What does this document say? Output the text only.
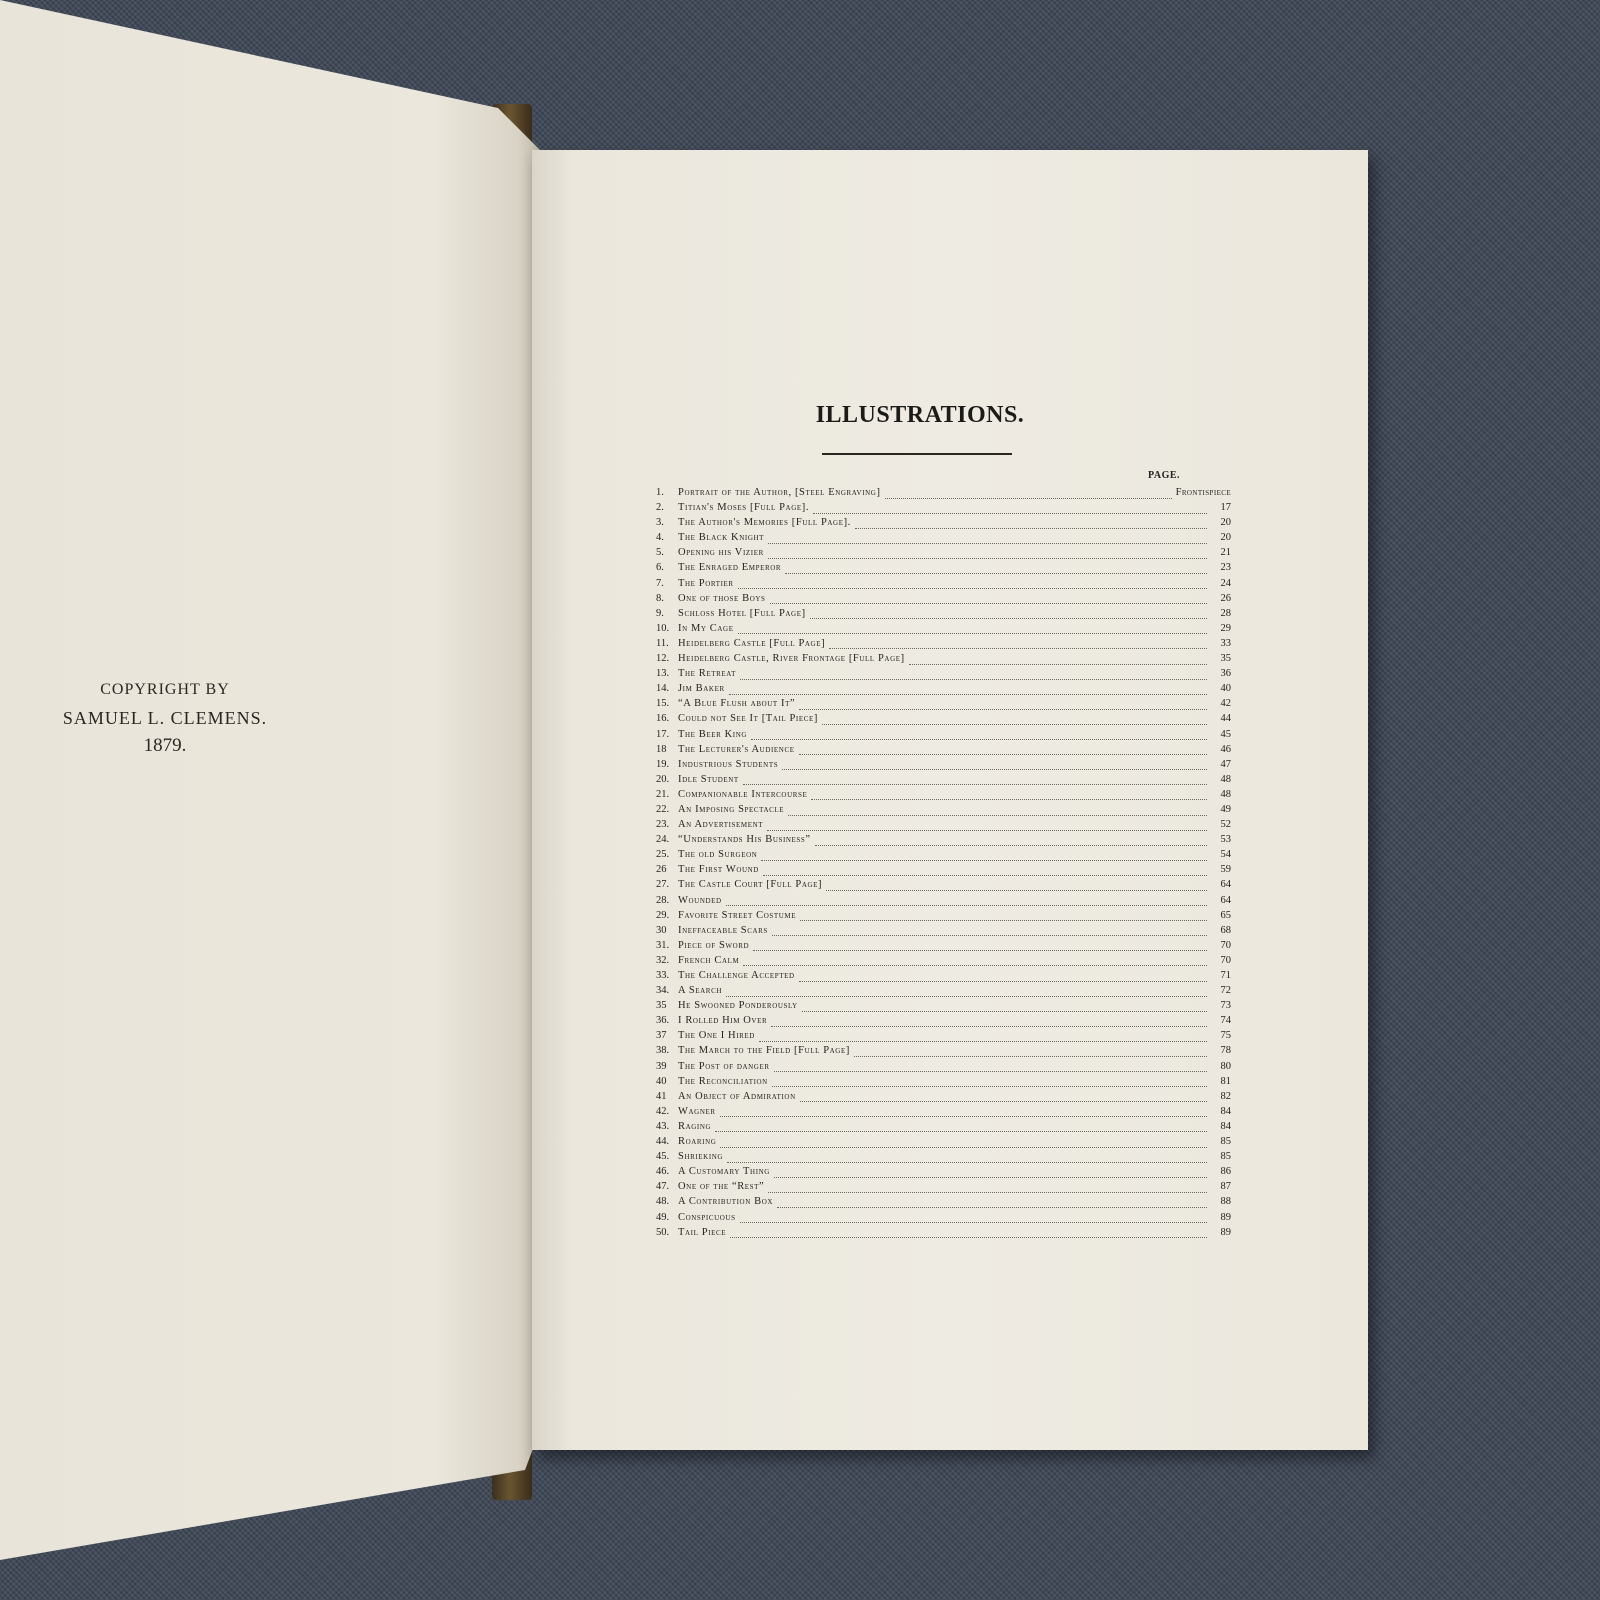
COPYRIGHT BY
SAMUEL L. CLEMENS.
1879.
ILLUSTRATIONS.
PAGE.
1.	Portrait of the Author, [Steel Engraving]	Frontispiece
2.	Titian's Moses [Full Page].	17
3.	The Author's Memories [Full Page].	20
4.	The Black Knight	20
5.	Opening his Vizier	21
6.	The Enraged Emperor	23
7.	The Portier	24
8.	One of those Boys	26
9.	Schloss Hotel [Full Page]	28
10. In My Cage	29
11. Heidelberg Castle [Full Page]	33
12. Heidelberg Castle, River Frontage [Full Page]	35
13. The Retreat	36
14. Jim Baker	40
15. “A Blue Flush about It”	42
16. Could not See It [Tail Piece]	44
17. The Beer King	45
18	The Lecturer's Audience	46
19. Industrious Students	47
20. Idle Student	48
21. Companionable Intercourse	48
22. An Imposing Spectacle	49
23. An Advertisement	52
24. “Understands His Business”	53
25. The old Surgeon	54
26	The First Wound	59
27. The Castle Court [Full Page]	64
28. Wounded	64
29. Favorite Street Costume	65
30	Ineffaceable Scars	68
31. Piece of Sword	70
32. French Calm	70
33. The Challenge Accepted	71
34. A Search	72
35	He Swooned Ponderously	73
36. I Rolled Him Over	74
37	The One I Hired	75
38. The March to the Field [Full Page]	78
39	The Post of danger	80
40	The Reconciliation	81
41	An Object of Admiration	82
42. Wagner	84
43. Raging	84
44. Roaring	85
45. Shrieking	85
46. A Customary Thing	86
47. One of the “Rest”	87
48. A Contribution Box	88
49. Conspicuous	89
50. Tail Piece	89
